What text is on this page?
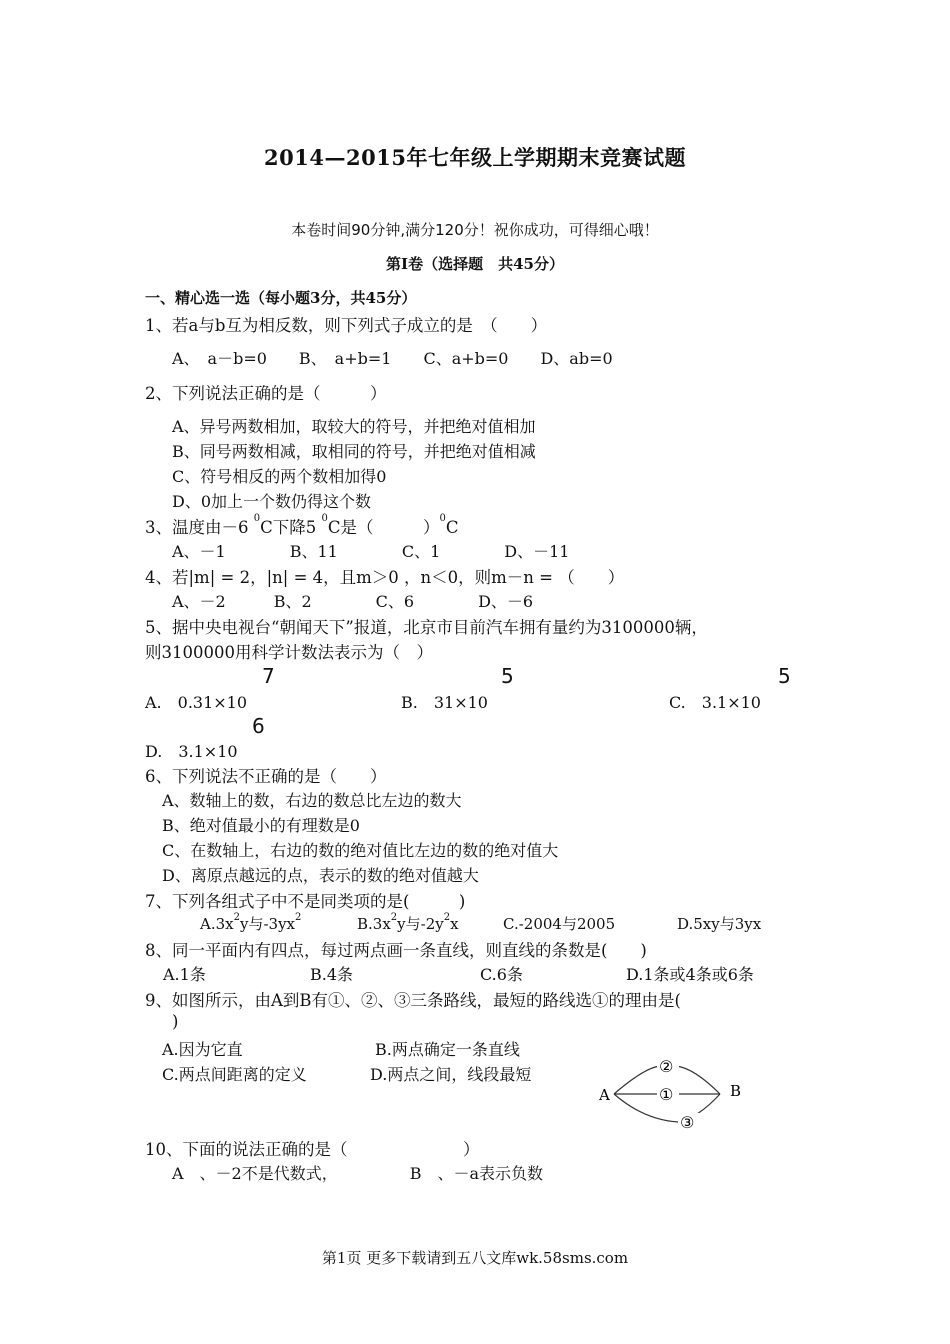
2014—2015年七年级上学期期末竞赛试题
本卷时间90分钟,满分120分！祝你成功，可得细心哦！
第Ⅰ卷（选择题　共45分）
一、精心选一选（每小题3分，共45分）
1、若a与b互为相反数，则下列式子成立的是　（　　）
A、　a－b=0　　B、　a+b=1　　C、a+b=0　　D、ab=0
2、下列说法正确的是（　　　）
A、异号两数相加，取较大的符号，并把绝对值相加
B、同号两数相减，取相同的符号，并把绝对值相减
C、符号相反的两个数相加得0
D、0加上一个数仍得这个数
3、温度由－6 $^0$C下降5 $^0$C是（　　　）$^0$C
A、－1　　　　B、11　　　　C、1　　　　D、－11
4、若|m| = 2，|n| = 4，且m＞0 ，n＜0，则m－n = （　　）
A、－2　　　B、2　　　　C、6　　　　D、－6
5、据中央电视台“朝闻天下”报道，北京市目前汽车拥有量约为3100000辆，
则3100000用科学计数法表示为（　）
7	5	5
A.　0.31×10	B.　31×10	C.　3.1×10
6
D.　3.1×10
6、下列说法不正确的是（　　）
A、数轴上的数，右边的数总比左边的数大
B、绝对值最小的有理数是0
C、在数轴上，右边的数的绝对值比左边的数的绝对值大
D、离原点越远的点，表示的数的绝对值越大
7、下列各组式子中不是同类项的是(　　　)
$A.3x^2y$与$-3yx^2$	$B.3x^2y$与$-2y^2x$	C.-2004与2005	D.5xy与3yx
8、同一平面内有四点，每过两点画一条直线，则直线的条数是(　　)
A.1条	B.4条	C.6条	D.1条或4条或6条
9、如图所示，由A到B有①、②、③三条路线，最短的路线选①的理由是(
)
A.因为它直	B.两点确定一条直线
C.两点间距离的定义	D.两点之间，线段最短
A	B
①
②
③
10、下面的说法正确的是（　　　　　　　）
A　、－2不是代数式，　　　　　B　、－a表示负数
第1页 更多下载请到五八文库wk.58sms.com
